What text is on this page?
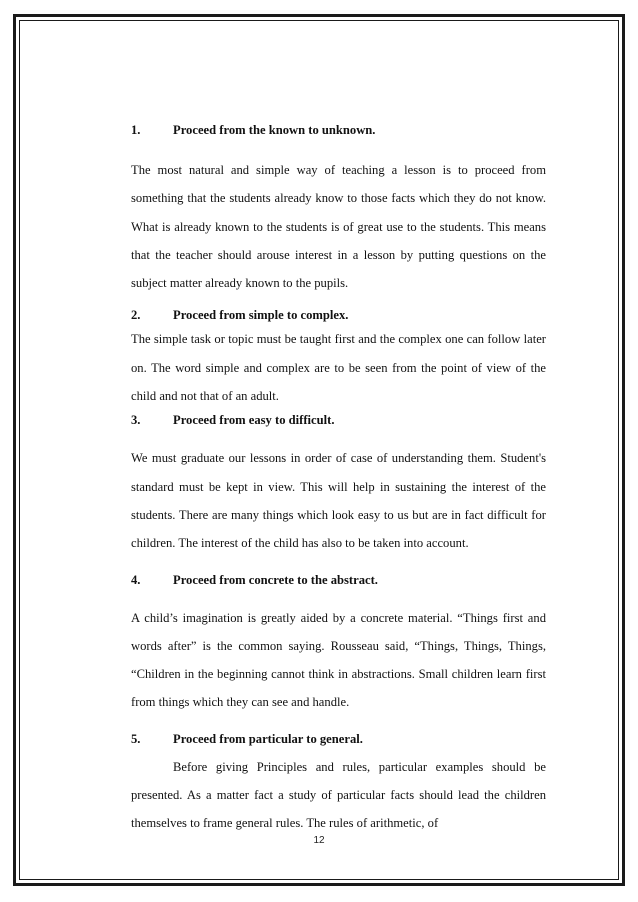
1.	Proceed from the known to unknown.

The most natural and simple way of teaching a lesson is to proceed from something that the students already know to those facts which they do not know. What is already known to the students is of great use to the students. This means that the teacher should arouse interest in a lesson by putting questions on the subject matter already known to the pupils.

2.	Proceed from simple to complex.

The simple task or topic must be taught first and the complex one can follow later on. The word simple and complex are to be seen from the point of view of the child and not that of an adult.

3.	Proceed from easy to difficult.

We must graduate our lessons in order of case of understanding them. Student's standard must be kept in view. This will help in sustaining the interest of the students. There are many things which look easy to us but are in fact difficult for children. The interest of the child has also to be taken into account.

4.	Proceed from concrete to the abstract.

A child’s imagination is greatly aided by a concrete material. “Things first and words after” is the common saying. Rousseau said, “Things, Things, Things, “Children in the beginning cannot think in abstractions. Small children learn first from things which they can see and handle.

5.	Proceed from particular to general.

Before giving Principles and rules, particular examples should be presented. As a matter fact a study of particular facts should lead the children themselves to frame general rules. The rules of arithmetic, of

12
